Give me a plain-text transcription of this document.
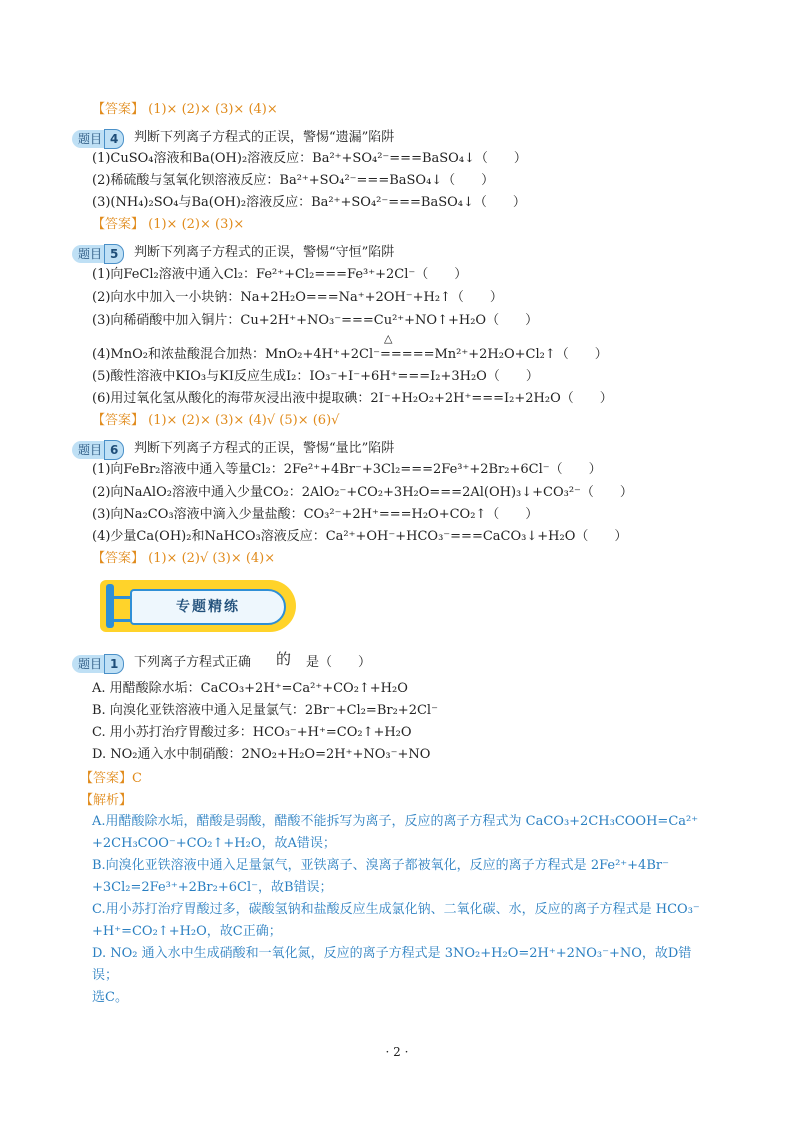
【答案】 (1)× (2)× (3)× (4)×
题目 4	判断下列离子方程式的正误，警惕“遗漏”陷阱
(1)CuSO₄溶液和Ba(OH)₂溶液反应：Ba²⁺+SO₄²⁻===BaSO₄↓（　　）
(2)稀硫酸与氢氧化钡溶液反应：Ba²⁺+SO₄²⁻===BaSO₄↓（　　）
(3)(NH₄)₂SO₄与Ba(OH)₂溶液反应：Ba²⁺+SO₄²⁻===BaSO₄↓（　　）
【答案】 (1)× (2)× (3)×
题目 5	判断下列离子方程式的正误，警惕“守恒”陷阱
(1)向FeCl₂溶液中通入Cl₂：Fe²⁺+Cl₂===Fe³⁺+2Cl⁻（　　）
(2)向水中加入一小块钠：Na+2H₂O===Na⁺+2OH⁻+H₂↑（　　）
(3)向稀硝酸中加入铜片：Cu+2H⁺+NO₃⁻===Cu²⁺+NO↑+H₂O（　　）
△
(4)MnO₂和浓盐酸混合加热：MnO₂+4H⁺+2Cl⁻=====Mn²⁺+2H₂O+Cl₂↑（　　）
(5)酸性溶液中KIO₃与KI反应生成I₂：IO₃⁻+I⁻+6H⁺===I₂+3H₂O（　　）
(6)用过氧化氢从酸化的海带灰浸出液中提取碘：2I⁻+H₂O₂+2H⁺===I₂+2H₂O（　　）
【答案】 (1)× (2)× (3)× (4)√ (5)× (6)√
题目 6	判断下列离子方程式的正误，警惕“量比”陷阱
(1)向FeBr₂溶液中通入等量Cl₂：2Fe²⁺+4Br⁻+3Cl₂===2Fe³⁺+2Br₂+6Cl⁻（　　）
(2)向NaAlO₂溶液中通入少量CO₂：2AlO₂⁻+CO₂+3H₂O===2Al(OH)₃↓+CO₃²⁻（　　）
(3)向Na₂CO₃溶液中滴入少量盐酸：CO₃²⁻+2H⁺===H₂O+CO₂↑（　　）
(4)少量Ca(OH)₂和NaHCO₃溶液反应：Ca²⁺+OH⁻+HCO₃⁻===CaCO₃↓+H₂O（　　）
【答案】 (1)× (2)√ (3)× (4)×
专题精练
题目 1	下列离子方程式正确 的 是（　　）
A. 用醋酸除水垢：CaCO₃+2H⁺=Ca²⁺+CO₂↑+H₂O
B. 向溴化亚铁溶液中通入足量氯气：2Br⁻+Cl₂=Br₂+2Cl⁻
C. 用小苏打治疗胃酸过多：HCO₃⁻+H⁺=CO₂↑+H₂O
D. NO₂通入水中制硝酸：2NO₂+H₂O=2H⁺+NO₃⁻+NO
【答案】C
【解析】
A.用醋酸除水垢，醋酸是弱酸，醋酸不能拆写为离子，反应的离子方程式为 CaCO₃+2CH₃COOH=Ca²⁺
+2CH₃COO⁻+CO₂↑+H₂O，故A错误；
B.向溴化亚铁溶液中通入足量氯气，亚铁离子、溴离子都被氧化，反应的离子方程式是 2Fe²⁺+4Br⁻
+3Cl₂=2Fe³⁺+2Br₂+6Cl⁻，故B错误；
C.用小苏打治疗胃酸过多，碳酸氢钠和盐酸反应生成氯化钠、二氧化碳、水，反应的离子方程式是 HCO₃⁻
+H⁺=CO₂↑+H₂O，故C正确；
D. NO₂ 通入水中生成硝酸和一氧化氮，反应的离子方程式是 3NO₂+H₂O=2H⁺+2NO₃⁻+NO，故D错
误；
选C。
· 2 ·
